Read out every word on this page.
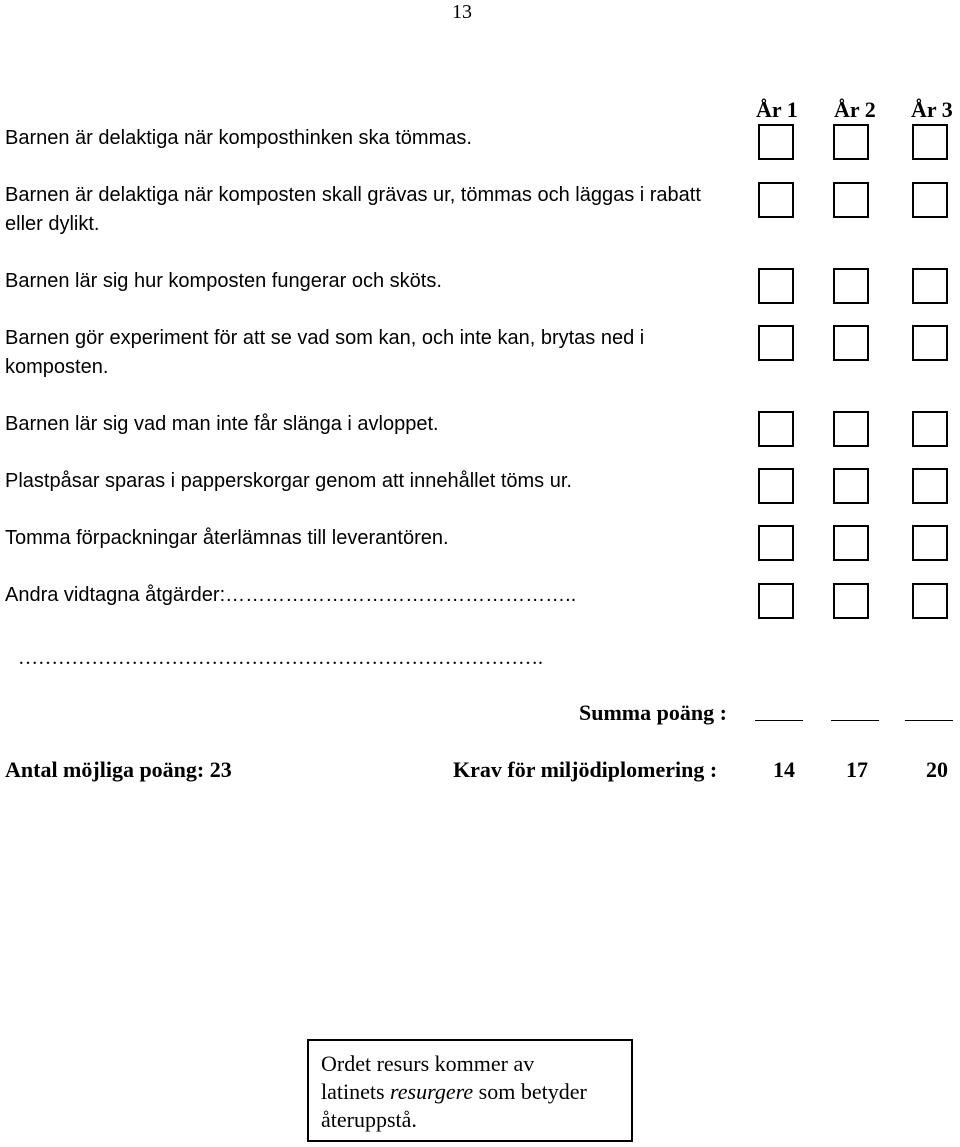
13
År 1 År 2 År 3
Barnen är delaktiga när komposthinken ska tömmas.
Barnen är delaktiga när komposten skall grävas ur, tömmas och läggas i rabatt eller dylikt.
Barnen lär sig hur komposten fungerar och sköts.
Barnen gör experiment för att se vad som kan, och inte kan, brytas ned i komposten.
Barnen lär sig vad man inte får slänga i avloppet.
Plastpåsar sparas i papperskorgar genom att innehållet töms ur.
Tomma förpackningar återlämnas till leverantören.
Andra vidtagna åtgärder:……………………………………………..
…………………………………………………………………….
Summa poäng :
Antal möjliga poäng: 23	Krav för miljödiplomering :	14	17	20
Ordet resurs kommer av
latinets resurgere som betyder
återuppstå.
